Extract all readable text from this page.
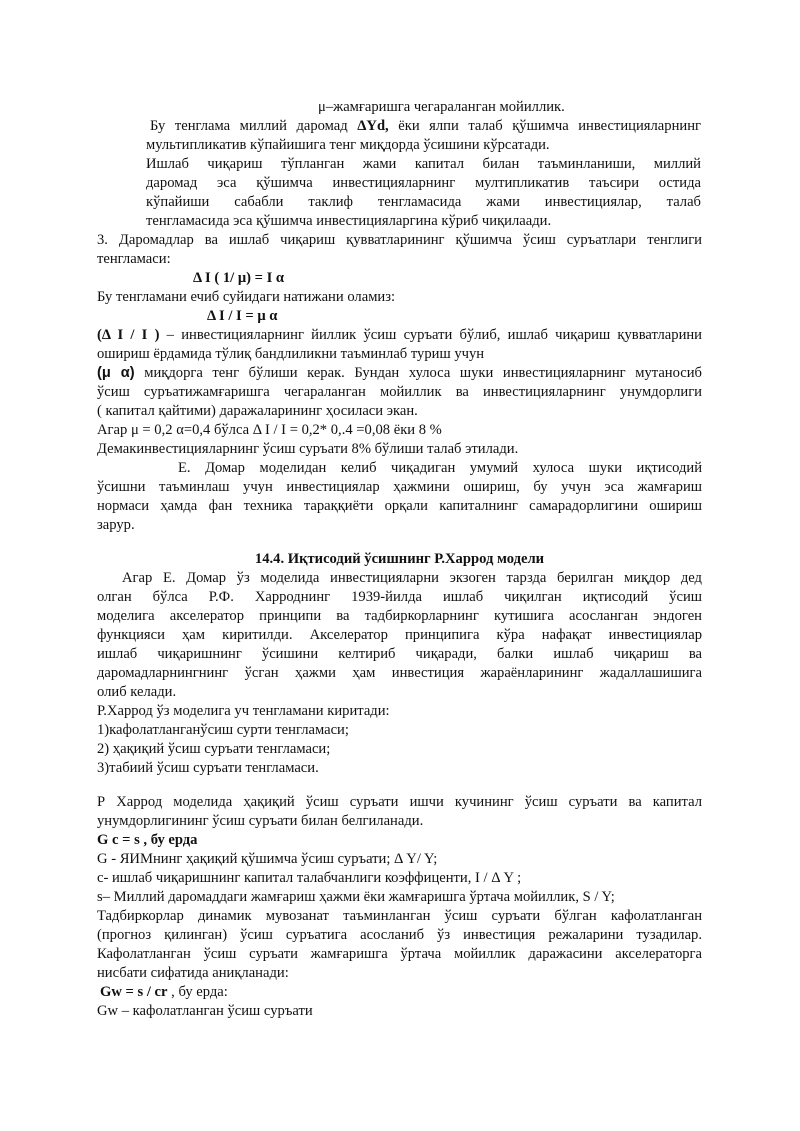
μ–жамғаришга чегараланган мойиллик.
Бу тенглама миллий даромад ΔYd, ёки ялпи талаб қўшимча инвестицияларнинг
мультипликатив кўпайишига тенг миқдорда ўсишини кўрсатади.
Ишлаб чиқариш тўпланган жами капитал билан таъминланиши, миллий
даромад эса қўшимча инвестицияларнинг мултипликатив таъсири остида
кўпайиши сабабли таклиф тенгламасида жами инвестициялар, талаб
тенгламасида эса қўшимча инвестицияларгина кўриб чиқилаади.
3. Даромадлар ва ишлаб чиқариш қувватларининг қўшимча ўсиш суръатлари тенглиги
тенгламаси:
Δ I ( 1/ μ) = I α
Бу тенгламани ечиб суйидаги натижани оламиз:
Δ I / I = μ α
(Δ I / I ) – инвестицияларнинг йиллик ўсиш суръати бўлиб, ишлаб чиқариш қувватларини
ошириш ёрдамида тўлиқ бандлиликни таъминлаб туриш учун
(μ α) миқдорга тенг бўлиши керак. Бундан хулоса шуки инвестицияларнинг мутаносиб
ўсиш суръатижамғаришга чегараланган мойиллик ва инвестицияларнинг унумдорлиги
( капитал қайтими) даражаларининг ҳосиласи экан.
Агар μ = 0,2 α=0,4 бўлса Δ I / I = 0,2* 0,.4 =0,08 ёки 8 %
Демакинвестицияларнинг ўсиш суръати 8% бўлиши талаб этилади.
Е. Домар моделидан келиб чиқадиган умумий хулоса шуки иқтисодий
ўсишни таъминлаш учун инвестициялар ҳажмини ошириш, бу учун эса жамғариш
нормаси ҳамда фан техника тараққиёти орқали капиталнинг самарадорлигини ошириш
зарур.
14.4. Иқтисодий ўсишнинг Р.Харрод модели
Агар Е. Домар ўз моделида инвестицияларни экзоген тарзда берилган миқдор дед
олган бўлса Р.Ф. Харроднинг 1939-йилда ишлаб чиқилган иқтисодий ўсиш
моделига акселератор принципи ва тадбиркорларнинг кутишига асосланган эндоген
функцияси ҳам киритилди. Акселератор принципига кўра нафақат инвестициялар
ишлаб чиқаришнинг ўсишини келтириб чиқаради, балки ишлаб чиқариш ва
даромадларнингнинг ўсган ҳажми ҳам инвестиция жараёнларининг жадаллашишига
олиб келади.
Р.Харрод ўз моделига уч тенгламани киритади:
1)кафолатланганўсиш сурти тенгламаси;
2) ҳақиқий ўсиш суръати тенгламаси;
3)табиий ўсиш суръати тенгламаси.
Р Харрод моделида ҳақиқий ўсиш суръати ишчи кучининг ўсиш суръати ва капитал
унумдорлигининг ўсиш суръати билан белгиланади.
G c = s , бу ерда
G - ЯИМнинг ҳақиқий қўшимча ўсиш суръати; Δ Y/ Y;
c- ишлаб чиқаришнинг капитал талабчанлиги коэффиценти, I / Δ Y ;
s– Миллий даромаддаги жамғариш ҳажми ёки жамғаришга ўртача мойиллик, S / Y;
Тадбиркорлар динамик мувозанат таъминланган ўсиш суръати бўлган кафолатланган
(прогноз қилинган) ўсиш суръатига асосланиб ўз инвестиция режаларини тузадилар.
Кафолатланган ўсиш суръати жамғаришга ўртача мойиллик даражасини акселераторга
нисбати сифатида аниқланади:
Gw = s / cr , бу ерда:
Gw – кафолатланган ўсиш суръати
